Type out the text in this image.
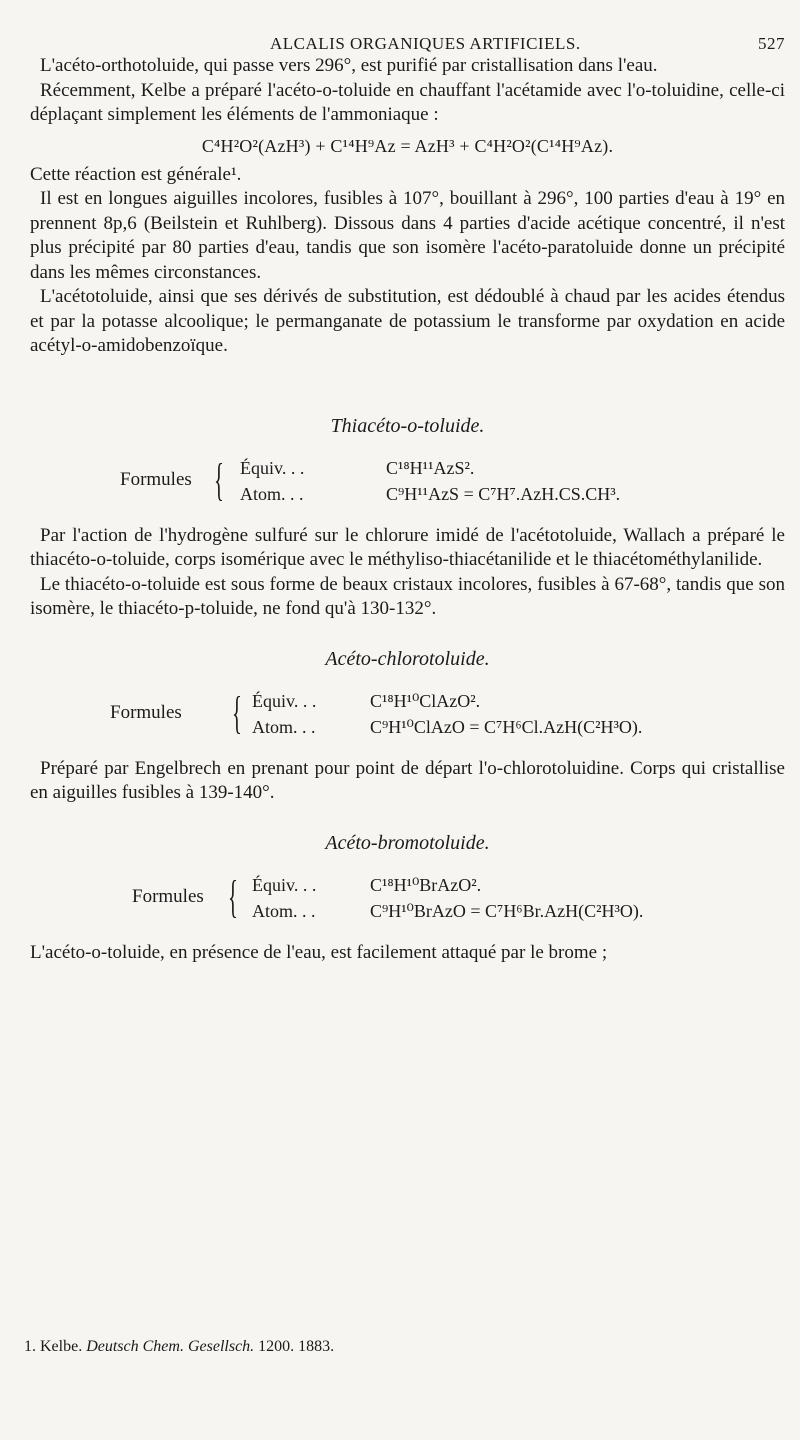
ALCALIS ORGANIQUES ARTIFICIELS.	527

L'acéto-orthotoluide, qui passe vers 296°, est purifié par cristallisation dans l'eau.

Récemment, Kelbe a préparé l'acéto-o-toluide en chauffant l'acétamide avec l'o-toluidine, celle-ci déplaçant simplement les éléments de l'ammoniaque :

C⁴H²O²(AzH³) + C¹⁴H⁹Az = AzH³ + C⁴H²O²(C¹⁴H⁹Az).

Cette réaction est générale¹.

Il est en longues aiguilles incolores, fusibles à 107°, bouillant à 296°, 100 parties d'eau à 19° en prennent 8p,6 (Beilstein et Ruhlberg). Dissous dans 4 parties d'acide acétique concentré, il n'est plus précipité par 80 parties d'eau, tandis que son isomère l'acéto-paratoluide donne un précipité dans les mêmes circonstances.

L'acétotoluide, ainsi que ses dérivés de substitution, est dédoublé à chaud par les acides étendus et par la potasse alcoolique; le permanganate de potassium le transforme par oxydation en acide acétyl-o-amidobenzoïque.

Thiacéto-o-toluide.
Formules { Équiv. . .	C¹⁸H¹¹AzS².
Atom. . .	C⁹H¹¹AzS = C⁷H⁷.AzH.CS.CH³.

Par l'action de l'hydrogène sulfuré sur le chlorure imidé de l'acétotoluide, Wallach a préparé le thiacéto-o-toluide, corps isomérique avec le méthyliso-thiacétanilide et le thiacétométhylanilide.

Le thiacéto-o-toluide est sous forme de beaux cristaux incolores, fusibles à 67-68°, tandis que son isomère, le thiacéto-p-toluide, ne fond qu'à 130-132°.

Acéto-chlorotoluide.
Formules { Équiv. . .	C¹⁸H¹⁰ClAzO².
Atom. . .	C⁹H¹⁰ClAzO = C⁷H⁶Cl.AzH(C²H³O).

Préparé par Engelbrech en prenant pour point de départ l'o-chlorotoluidine. Corps qui cristallise en aiguilles fusibles à 139-140°.

Acéto-bromotoluide.
Formules { Équiv. . .	C¹⁸H¹⁰BrAzO².
Atom. . .	C⁹H¹⁰BrAzO = C⁷H⁶Br.AzH(C²H³O).

L'acéto-o-toluide, en présence de l'eau, est facilement attaqué par le brome ;

1. Kelbe. Deutsch Chem. Gesellsch. 1200. 1883.
